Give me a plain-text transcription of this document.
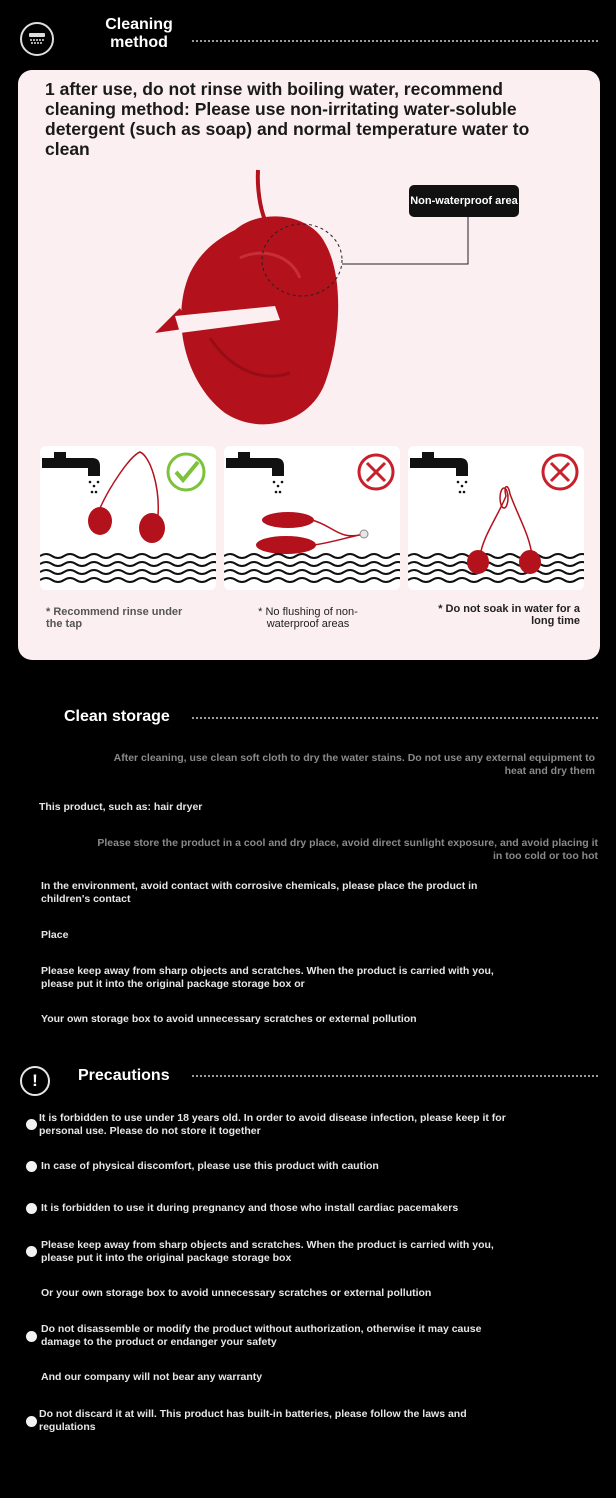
Cleaning method
1 after use, do not rinse with boiling water, recommend cleaning method: Please use non-irritating water-soluble detergent (such as soap) and normal temperature water to clean
Non-waterproof area
* Recommend rinse under the tap
* No flushing of non-waterproof areas
* Do not soak in water for a long time
Clean storage
After cleaning, use clean soft cloth to dry the water stains. Do not use any external equipment to heat and dry them
This product, such as: hair dryer
Please store the product in a cool and dry place, avoid direct sunlight exposure, and avoid placing it in too cold or too hot
In the environment, avoid contact with corrosive chemicals, please place the product in children's contact
Place
Please keep away from sharp objects and scratches. When the product is carried with you, please put it into the original package storage box or
Your own storage box to avoid unnecessary scratches or external pollution
!	Precautions
It is forbidden to use under 18 years old. In order to avoid disease infection, please keep it for personal use. Please do not store it together
In case of physical discomfort, please use this product with caution
It is forbidden to use it during pregnancy and those who install cardiac pacemakers
Please keep away from sharp objects and scratches. When the product is carried with you, please put it into the original package storage box
Or your own storage box to avoid unnecessary scratches or external pollution
Do not disassemble or modify the product without authorization, otherwise it may cause damage to the product or endanger your safety
And our company will not bear any warranty
Do not discard it at will. This product has built-in batteries, please follow the laws and regulations
